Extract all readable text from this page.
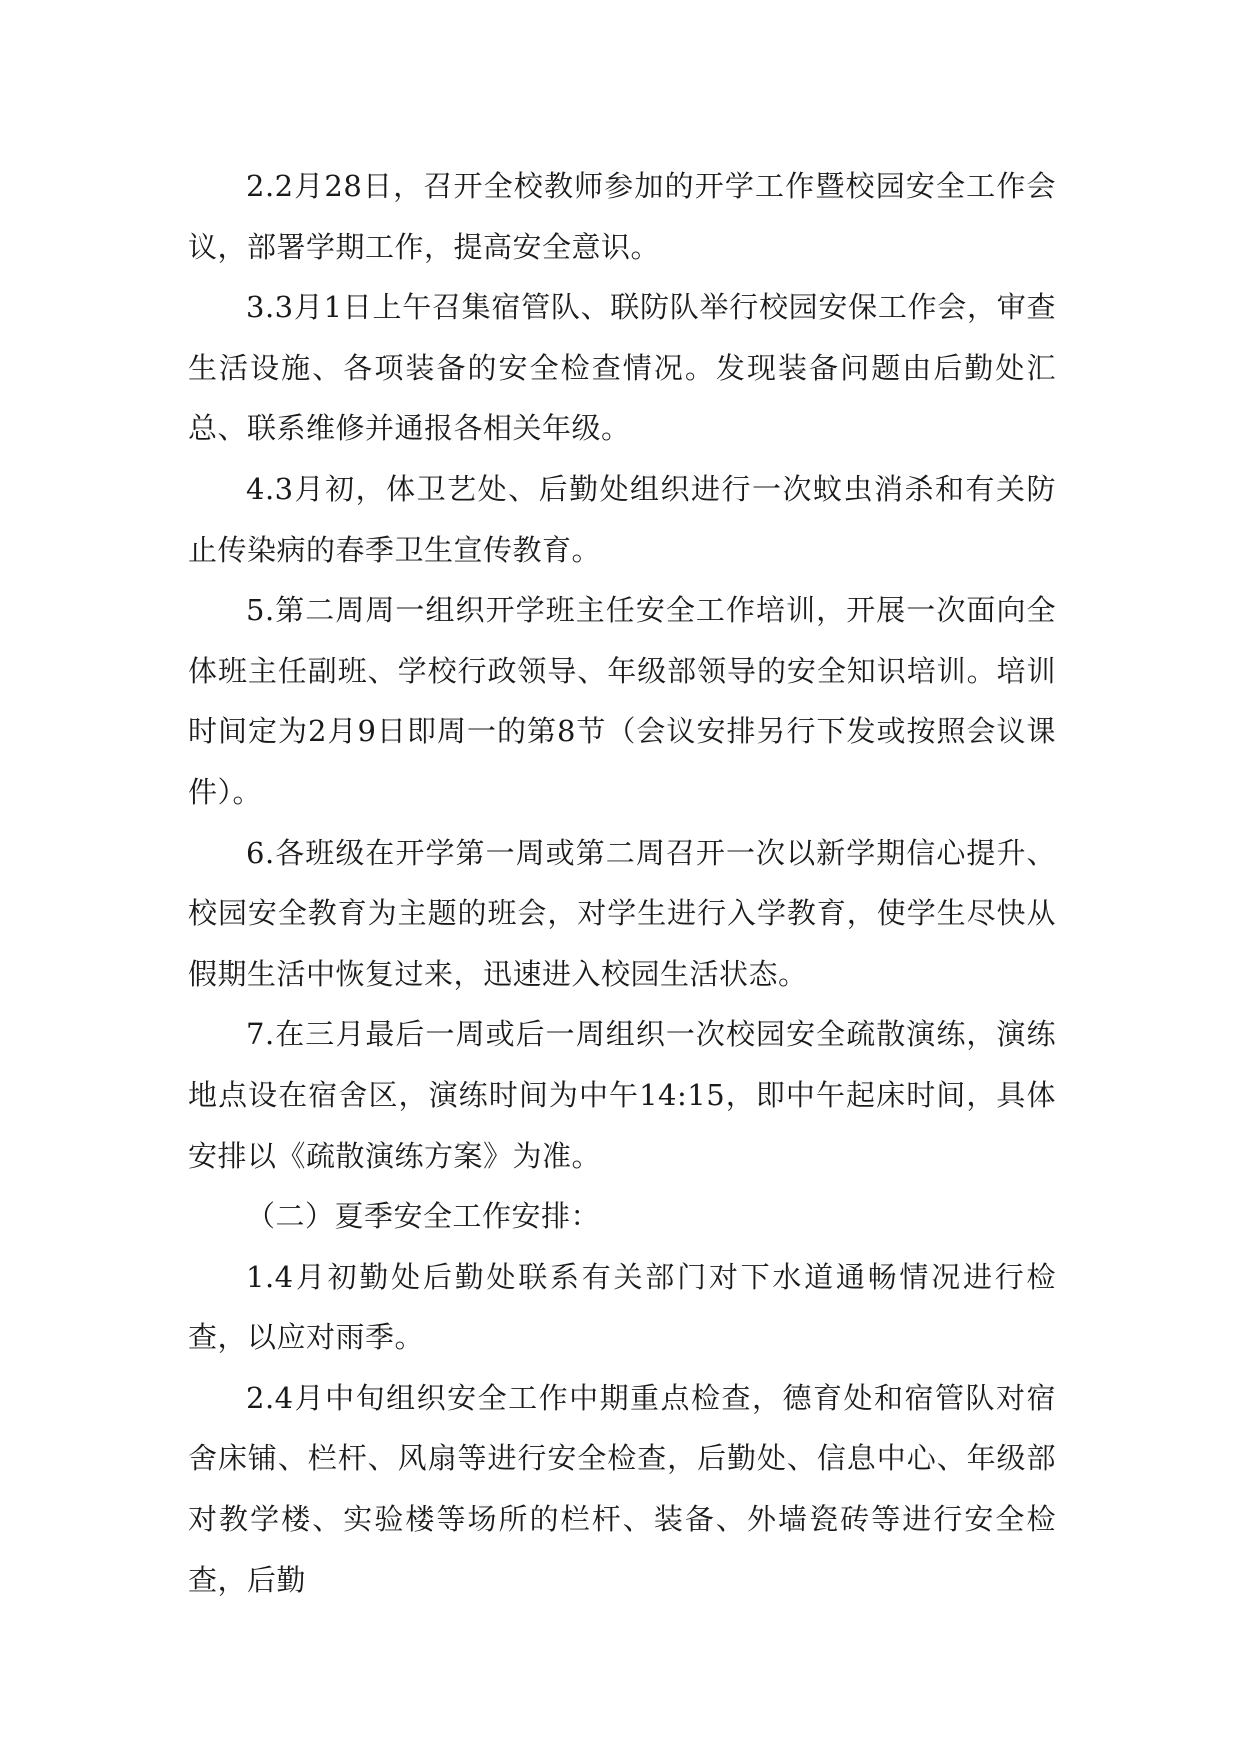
2.2月28日，召开全校教师参加的开学工作暨校园安全工作会议，部署学期工作，提高安全意识。

3.3月1日上午召集宿管队、联防队举行校园安保工作会，审查生活设施、各项装备的安全检查情况。发现装备问题由后勤处汇总、联系维修并通报各相关年级。

4.3月初，体卫艺处、后勤处组织进行一次蚊虫消杀和有关防止传染病的春季卫生宣传教育。

5.第二周周一组织开学班主任安全工作培训，开展一次面向全体班主任副班、学校行政领导、年级部领导的安全知识培训。培训时间定为2月9日即周一的第8节（会议安排另行下发或按照会议课件）。

6.各班级在开学第一周或第二周召开一次以新学期信心提升、校园安全教育为主题的班会，对学生进行入学教育，使学生尽快从假期生活中恢复过来，迅速进入校园生活状态。

7.在三月最后一周或后一周组织一次校园安全疏散演练，演练地点设在宿舍区，演练时间为中午14:15，即中午起床时间，具体安排以《疏散演练方案》为准。

（二）夏季安全工作安排：

1.4月初勤处后勤处联系有关部门对下水道通畅情况进行检查，以应对雨季。

2.4月中旬组织安全工作中期重点检查，德育处和宿管队对宿舍床铺、栏杆、风扇等进行安全检查，后勤处、信息中心、年级部对教学楼、实验楼等场所的栏杆、装备、外墙瓷砖等进行安全检查，后勤
